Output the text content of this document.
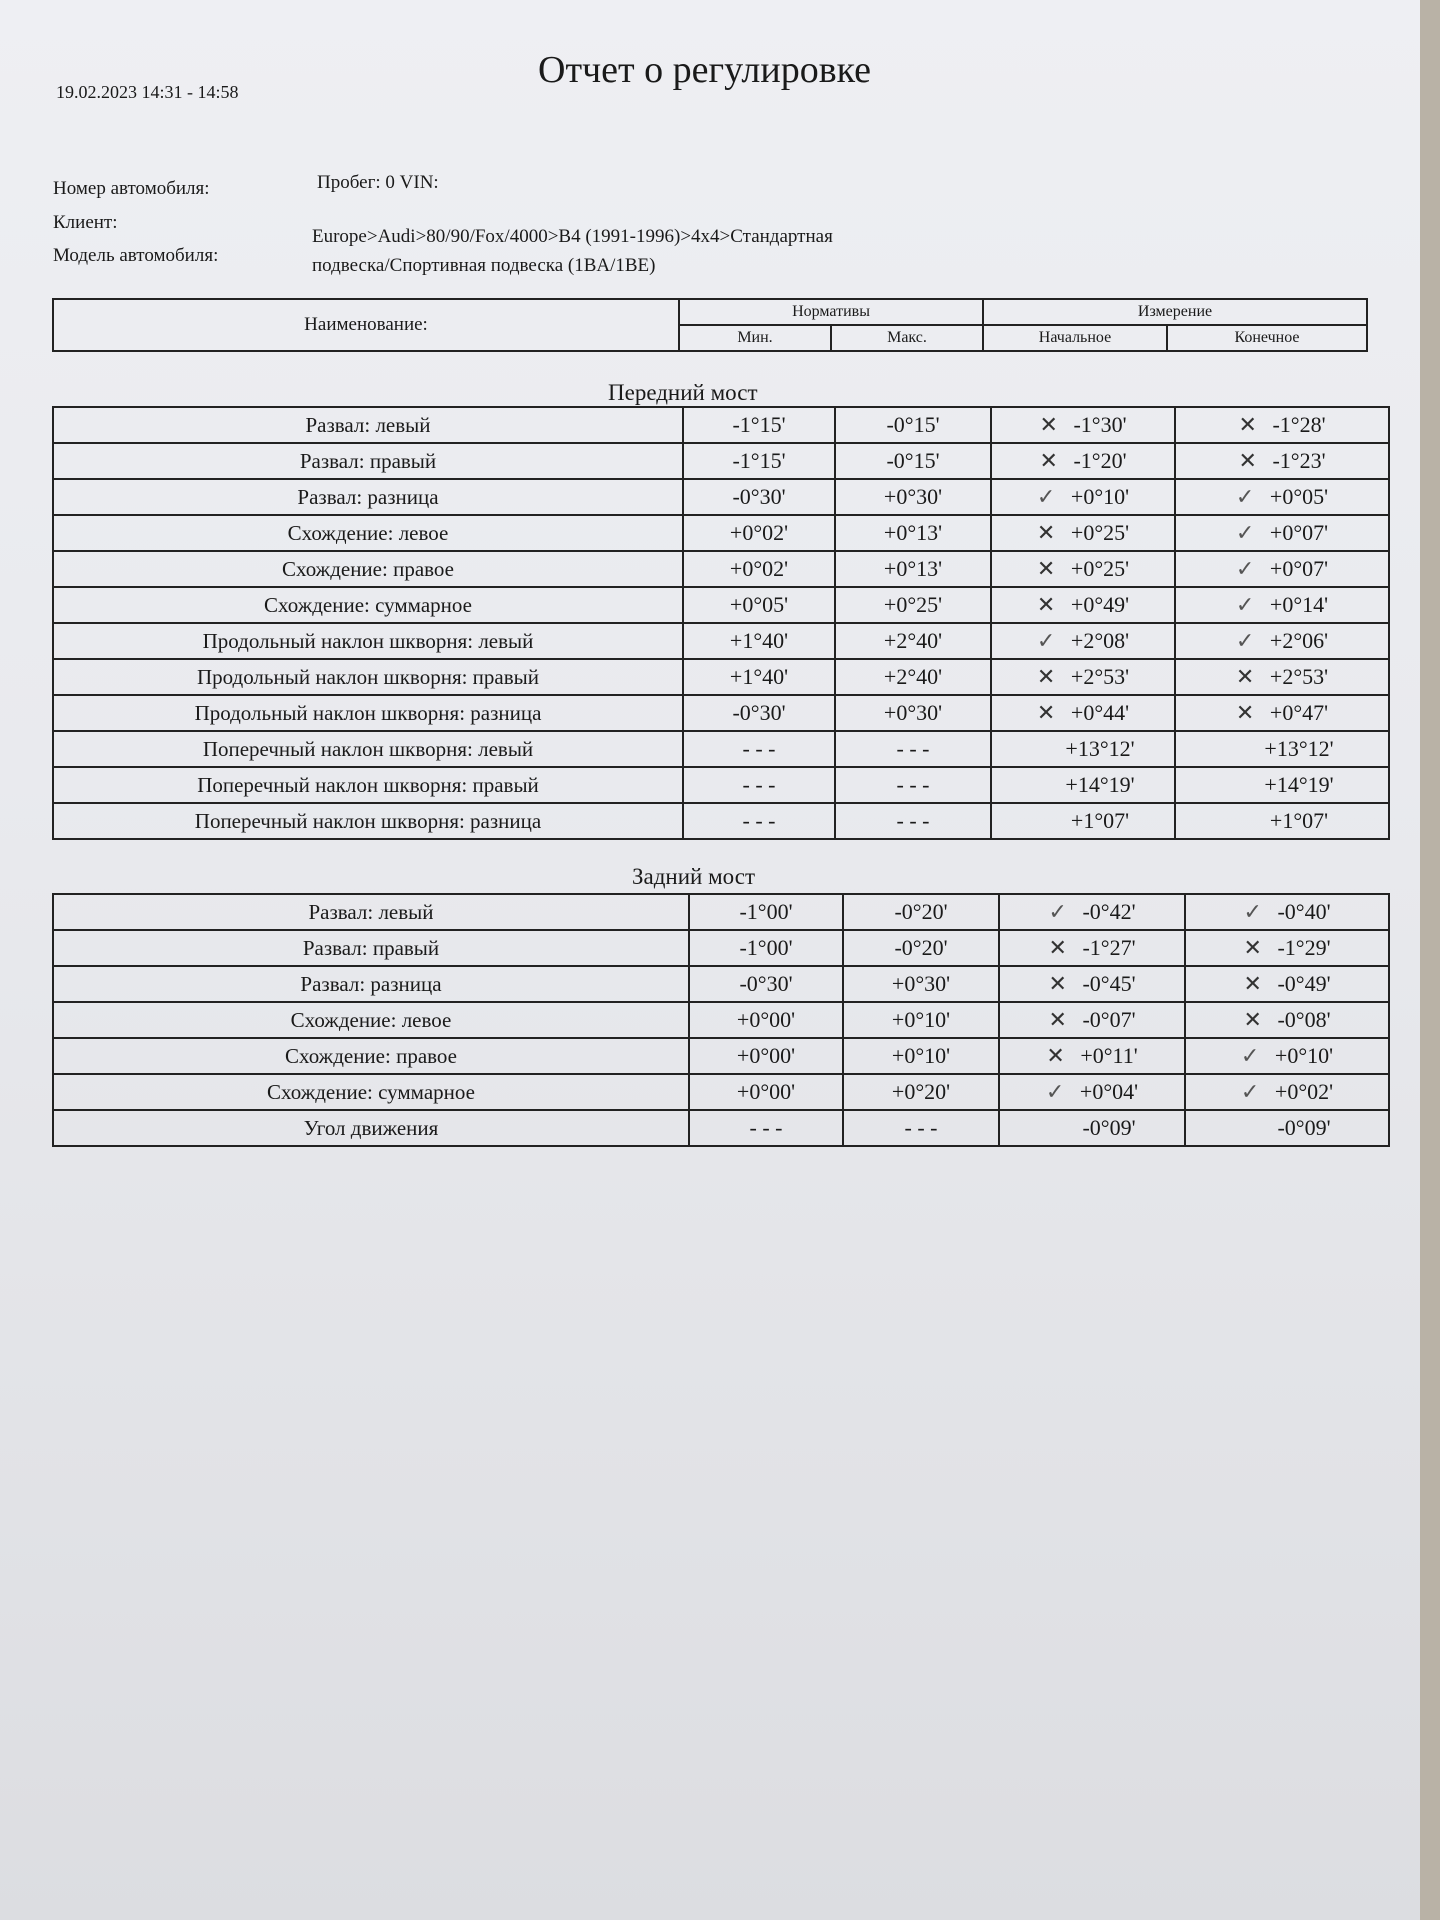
19.02.2023 14:31 - 14:58
Отчет о регулировке
Номер автомобиля:	Пробег: 0 VIN:
Клиент:
Модель автомобиля:
Europe>Audi>80/90/Fox/4000>B4 (1991-1996)>4x4>Стандартная
подвеска/Спортивная подвеска (1BA/1BE)
Наименование:	Нормативы		Измерение	
	Мин.	Макс.	Начальное	Конечное
Передний мост
Развал: левый	-1°15'	-0°15'	✕ -1°30'	✕ -1°28'
Развал: правый	-1°15'	-0°15'	✕ -1°20'	✕ -1°23'
Развал: разница	-0°30'	+0°30'	✓ +0°10'	✓ +0°05'
Схождение: левое	+0°02'	+0°13'	✕ +0°25'	✓ +0°07'
Схождение: правое	+0°02'	+0°13'	✕ +0°25'	✓ +0°07'
Схождение: суммарное	+0°05'	+0°25'	✕ +0°49'	✓ +0°14'
Продольный наклон шкворня: левый	+1°40'	+2°40'	✓ +2°08'	✓ +2°06'
Продольный наклон шкворня: правый	+1°40'	+2°40'	✕ +2°53'	✕ +2°53'
Продольный наклон шкворня: разница	-0°30'	+0°30'	✕ +0°44'	✕ +0°47'
Поперечный наклон шкворня: левый	- - -	- - -	+13°12'	+13°12'
Поперечный наклон шкворня: правый	- - -	- - -	+14°19'	+14°19'
Поперечный наклон шкворня: разница	- - -	- - -	+1°07'	+1°07'
Задний мост
Развал: левый	-1°00'	-0°20'	✓ -0°42'	✓ -0°40'
Развал: правый	-1°00'	-0°20'	✕ -1°27'	✕ -1°29'
Развал: разница	-0°30'	+0°30'	✕ -0°45'	✕ -0°49'
Схождение: левое	+0°00'	+0°10'	✕ -0°07'	✕ -0°08'
Схождение: правое	+0°00'	+0°10'	✕ +0°11'	✓ +0°10'
Схождение: суммарное	+0°00'	+0°20'	✓ +0°04'	✓ +0°02'
Угол движения	- - -	- - -	-0°09'	-0°09'
